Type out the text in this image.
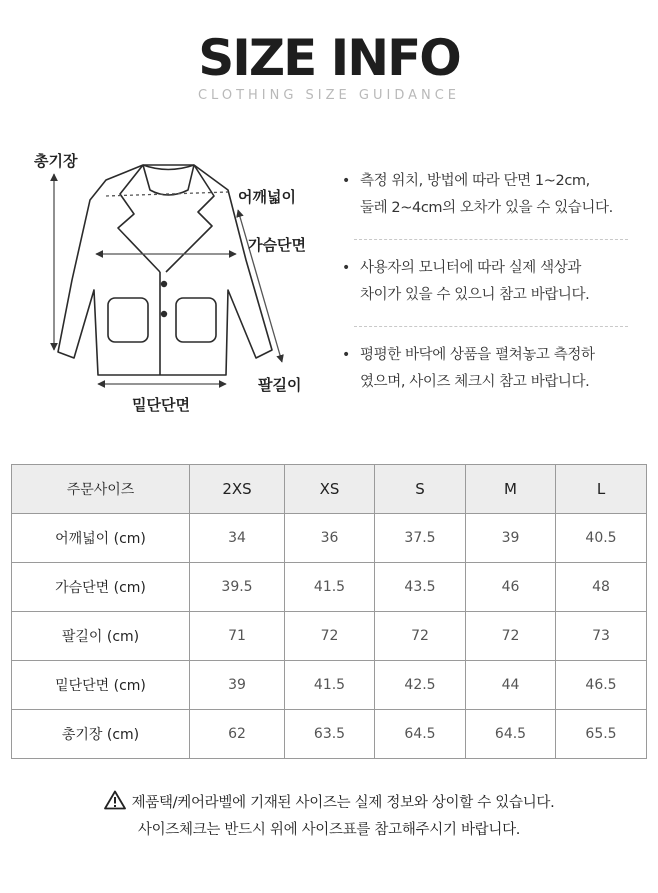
SIZE INFO
CLOTHING SIZE GUIDANCE
총기장
어깨넓이
가슴단면
팔길이
밑단단면
• 측정 위치, 방법에 따라 단면 1~2cm,
둘레 2~4cm의 오차가 있을 수 있습니다.
• 사용자의 모니터에 따라 실제 색상과
차이가 있을 수 있으니 참고 바랍니다.
• 평평한 바닥에 상품을 펼쳐놓고 측정하
였으며, 사이즈 체크시 참고 바랍니다.
주문사이즈	2XS	XS	S	M	L
어깨넓이 (cm)	34	36	37.5	39	40.5
가슴단면 (cm)	39.5	41.5	43.5	46	48
팔길이 (cm)	71	72	72	72	73
밑단단면 (cm)	39	41.5	42.5	44	46.5
총기장 (cm)	62	63.5	64.5	64.5	65.5
제품택/케어라벨에 기재된 사이즈는 실제 정보와 상이할 수 있습니다.
사이즈체크는 반드시 위에 사이즈표를 참고해주시기 바랍니다.
